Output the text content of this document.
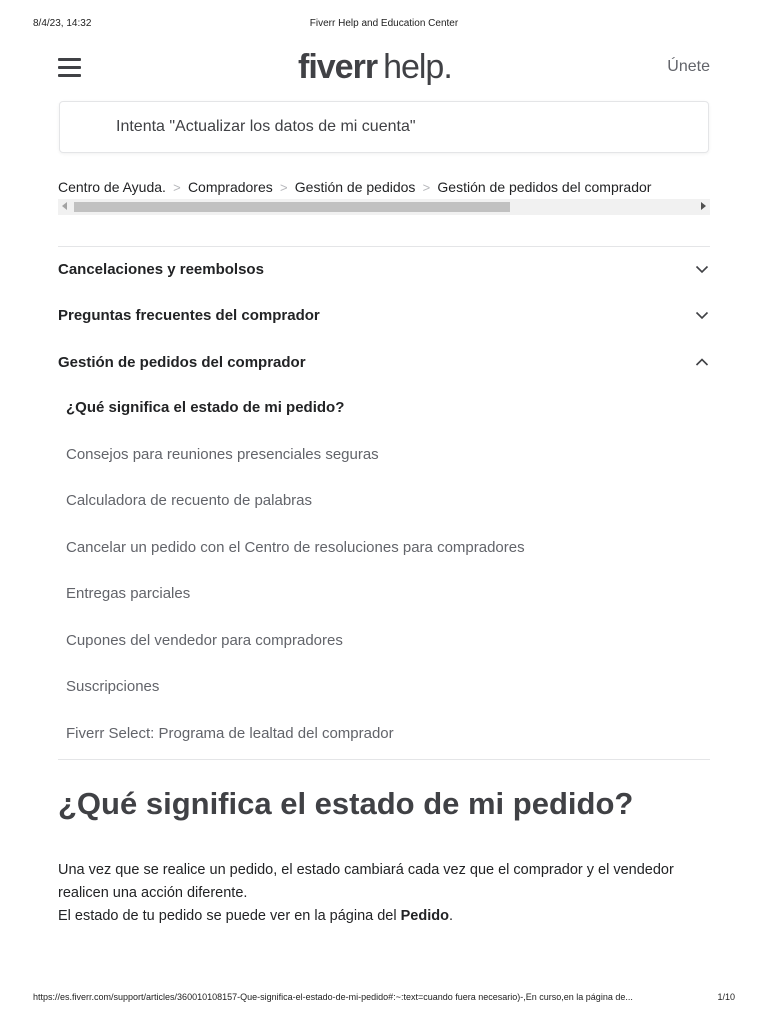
8/4/23, 14:32	Fiverr Help and Education Center
fiverr help.	Únete
Intenta "Actualizar los datos de mi cuenta"
Centro de Ayuda. > Compradores > Gestión de pedidos > Gestión de pedidos del comprador
Cancelaciones y reembolsos
Preguntas frecuentes del comprador
Gestión de pedidos del comprador
¿Qué significa el estado de mi pedido?
Consejos para reuniones presenciales seguras
Calculadora de recuento de palabras
Cancelar un pedido con el Centro de resoluciones para compradores
Entregas parciales
Cupones del vendedor para compradores
Suscripciones
Fiverr Select: Programa de lealtad del comprador
¿Qué significa el estado de mi pedido?
Una vez que se realice un pedido, el estado cambiará cada vez que el comprador y el vendedor
realicen una acción diferente.
El estado de tu pedido se puede ver en la página del Pedido.
https://es.fiverr.com/support/articles/360010108157-Que-significa-el-estado-de-mi-pedido#:~:text=cuando fuera necesario)-,En curso,en la página de...	1/10
